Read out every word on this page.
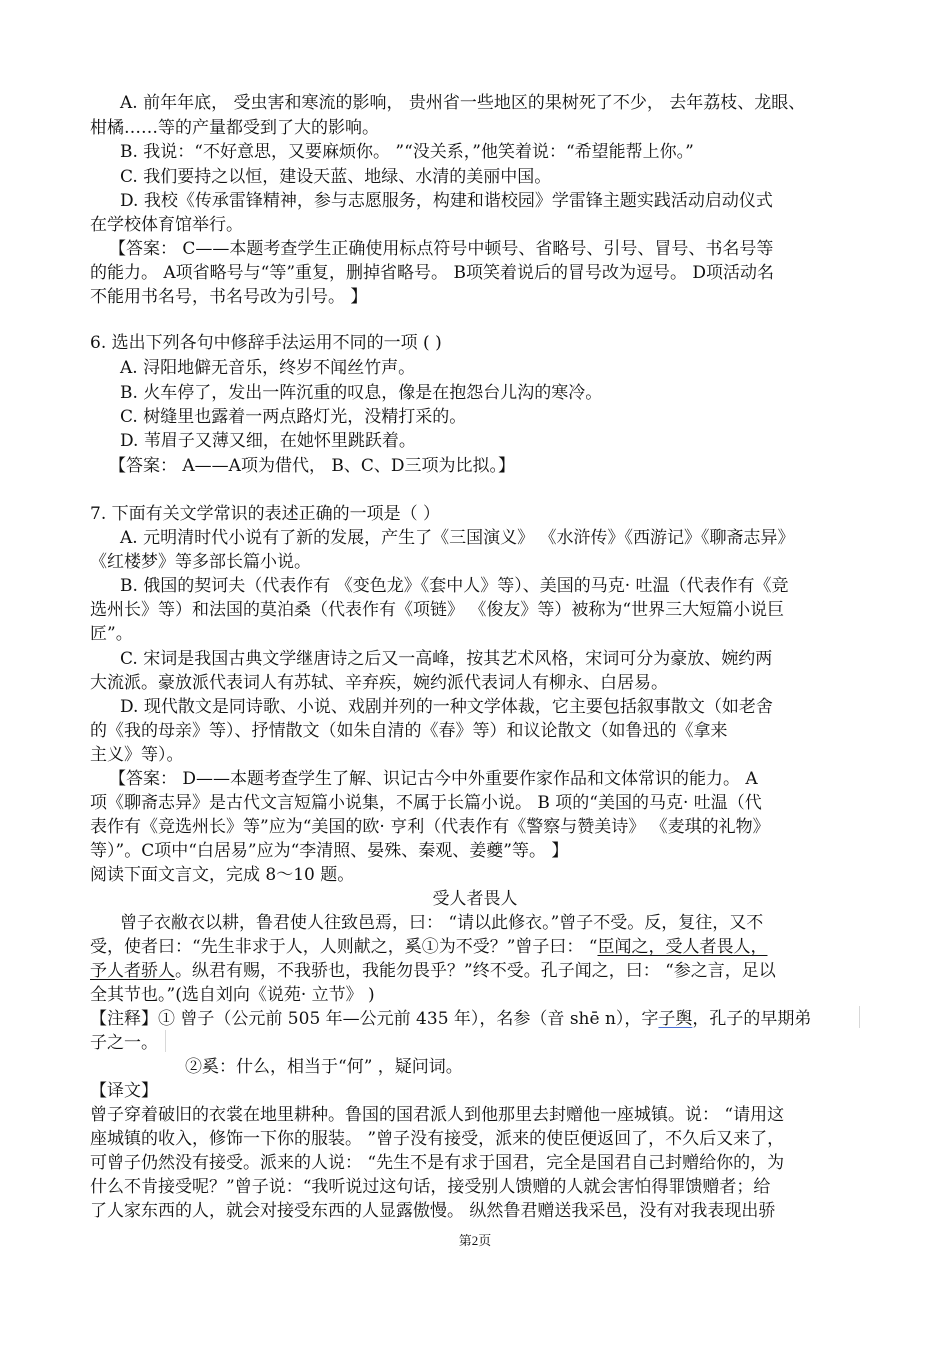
A. 前年年底， 受虫害和寒流的影响， 贵州省一些地区的果树死了不少， 去年荔枝、龙眼、
柑橘……等的产量都受到了大的影响。
B. 我说：“不好意思，又要麻烦你。 ”“没关系，”他笑着说：“希望能帮上你。”
C. 我们要持之以恒，建设天蓝、地绿、水清的美丽中国。
D. 我校《传承雷锋精神，参与志愿服务，构建和谐校园》学雷锋主题实践活动启动仪式
在学校体育馆举行。
【答案： C——本题考查学生正确使用标点符号中顿号、省略号、引号、冒号、书名号等
的能力。 A项省略号与“等”重复，删掉省略号。 B项笑着说后的冒号改为逗号。 D项活动名
不能用书名号，书名号改为引号。 】
6. 选出下列各句中修辞手法运用不同的一项 ( )
A. 浔阳地僻无音乐，终岁不闻丝竹声。
B. 火车停了，发出一阵沉重的叹息，像是在抱怨台儿沟的寒冷。
C. 树缝里也露着一两点路灯光，没精打采的。
D. 苇眉子又薄又细，在她怀里跳跃着。
【答案： A——A项为借代， B、C、D三项为比拟。】
7. 下面有关文学常识的表述正确的一项是（ ）
A. 元明清时代小说有了新的发展，产生了《三国演义》 《水浒传》《西游记》《聊斋志异》
《红楼梦》等多部长篇小说。
B. 俄国的契诃夫（代表作有 《变色龙》《套中人》等）、美国的马克· 吐温（代表作有《竞
选州长》等）和法国的莫泊桑（代表作有《项链》 《俊友》等）被称为“世界三大短篇小说巨
匠”。
C. 宋词是我国古典文学继唐诗之后又一高峰，按其艺术风格，宋词可分为豪放、婉约两
大流派。豪放派代表词人有苏轼、辛弃疾，婉约派代表词人有柳永、白居易。
D. 现代散文是同诗歌、小说、戏剧并列的一种文学体裁，它主要包括叙事散文（如老舍
的《我的母亲》等）、抒情散文（如朱自清的《春》等）和议论散文（如鲁迅的《拿来
主义》等）。
【答案： D——本题考查学生了解、识记古今中外重要作家作品和文体常识的能力。 A
项《聊斋志异》是古代文言短篇小说集，不属于长篇小说。 B 项的“美国的马克· 吐温（代
表作有《竞选州长》等”应为“美国的欧· 亨利（代表作有《警察与赞美诗》 《麦琪的礼物》
等）”。C项中“白居易”应为“李清照、晏殊、秦观、姜夔”等。 】
阅读下面文言文，完成 8～10 题。
受人者畏人
曾子衣敝衣以耕，鲁君使人往致邑焉，曰： “请以此修衣。”曾子不受。反，复往，又不
受，使者曰：“先生非求于人，人则献之，奚①为不受？”曾子曰： “臣闻之，受人者畏人，
予人者骄人。纵君有赐，不我骄也，我能勿畏乎？”终不受。孔子闻之，曰： “参之言，足以
全其节也。”(选自刘向《说苑· 立节》 )
【注释】① 曾子（公元前 505 年—公元前 435 年），名参（音 shē n），字子舆，孔子的早期弟
子之一。
②奚：什么，相当于“何” ，疑问词。
【译文】
曾子穿着破旧的衣裳在地里耕种。鲁国的国君派人到他那里去封赠他一座城镇。说： “请用这
座城镇的收入，修饰一下你的服装。 ”曾子没有接受，派来的使臣便返回了，不久后又来了，
可曾子仍然没有接受。派来的人说： “先生不是有求于国君，完全是国君自己封赠给你的，为
什么不肯接受呢？”曾子说：“我听说过这句话，接受别人馈赠的人就会害怕得罪馈赠者；给
了人家东西的人，就会对接受东西的人显露傲慢。 纵然鲁君赠送我采邑，没有对我表现出骄
第2页
